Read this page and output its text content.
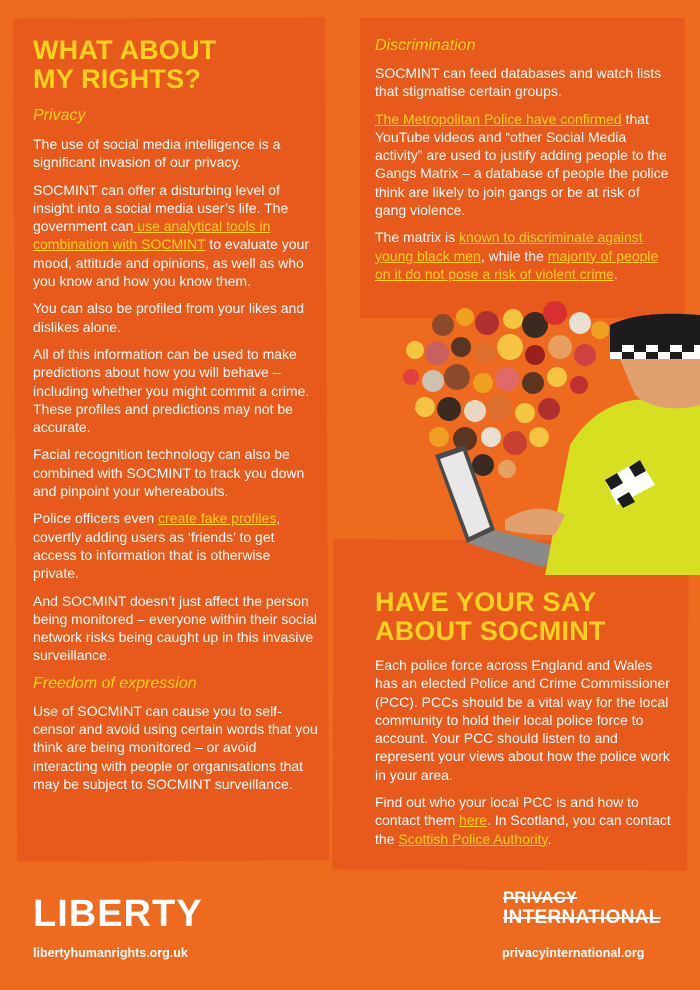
WHAT ABOUT
MY RIGHTS?
Privacy

The use of social media intelligence is a significant invasion of our privacy.

SOCMINT can offer a disturbing level of insight into a social media user’s life. The government can use analytical tools in combination with SOCMINT to evaluate your mood, attitude and opinions, as well as who you know and how you know them.

You can also be profiled from your likes and dislikes alone.

All of this information can be used to make predictions about how you will behave – including whether you might commit a crime. These profiles and predictions may not be accurate.

Facial recognition technology can also be combined with SOCMINT to track you down and pinpoint your whereabouts.

Police officers even create fake profiles, covertly adding users as ‘friends’ to get access to information that is otherwise private.

And SOCMINT doesn’t just affect the person being monitored – everyone within their social network risks being caught up in this invasive surveillance.

Freedom of expression

Use of SOCMINT can cause you to self-censor and avoid using certain words that you think are being monitored – or avoid interacting with people or organisations that may be subject to SOCMINT surveillance.

Discrimination

SOCMINT can feed databases and watch lists that stigmatise certain groups.

The Metropolitan Police have confirmed that YouTube videos and “other Social Media activity” are used to justify adding people to the Gangs Matrix – a database of people the police think are likely to join gangs or be at risk of gang violence.

The matrix is known to discriminate against young black men, while the majority of people on it do not pose a risk of violent crime.

HAVE YOUR SAY
ABOUT SOCMINT

Each police force across England and Wales has an elected Police and Crime Commissioner (PCC). PCCs should be a vital way for the local community to hold their local police force to account. Your PCC should listen to and represent your views about how the police work in your area.

Find out who your local PCC is and how to contact them here. In Scotland, you can contact the Scottish Police Authority.

LIBERTY
libertyhumanrights.org.uk
PRIVACY
INTERNATIONAL
privacyinternational.org
